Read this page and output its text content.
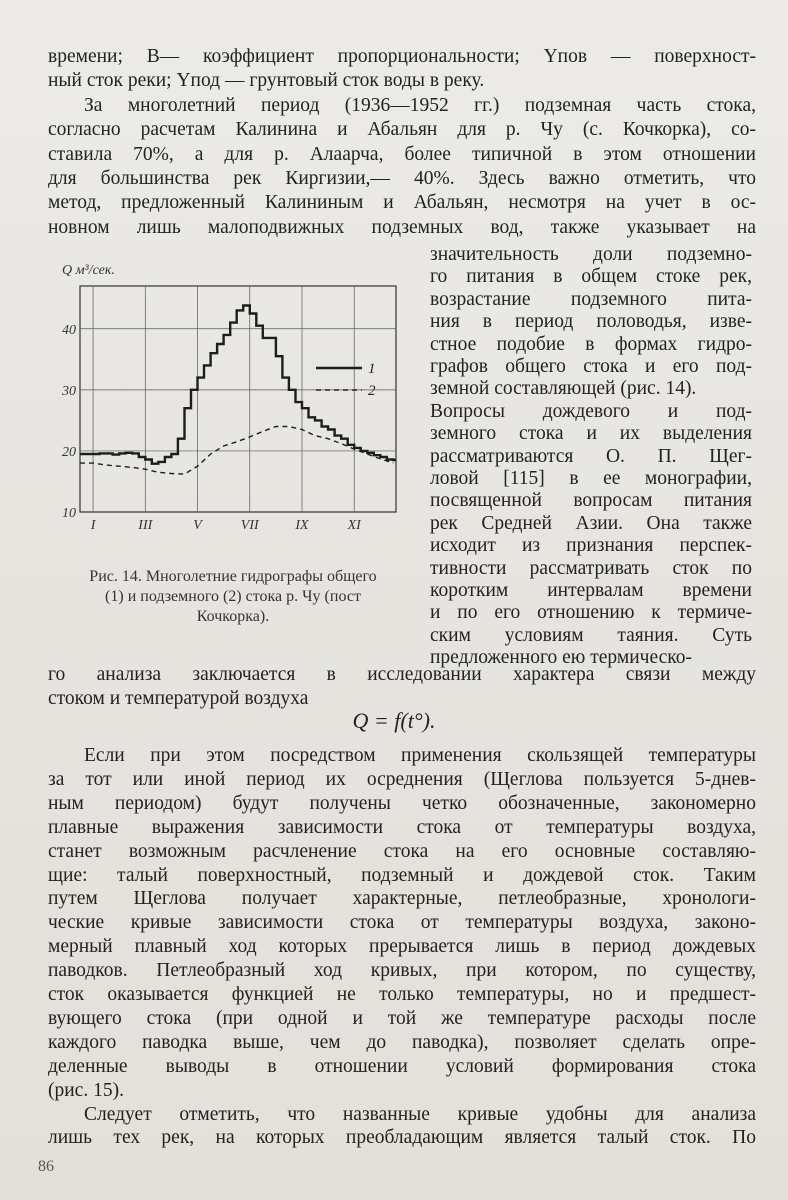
времени; B— коэффициент пропорциональности; Yпов — поверхност-
ный сток реки; Yпод — грунтовый сток воды в реку.
За многолетний период (1936—1952 гг.) подземная часть стока,
согласно расчетам Калинина и Абальян для р. Чу (с. Кочкорка), со-
ставила 70%, а для р. Алаарча, более типичной в этом отношении
для большинства рек Киргизии,— 40%. Здесь важно отметить, что
метод, предложенный Калининым и Абальян, несмотря на учет в ос-
новном лишь малоподвижных подземных вод, также указывает на
10
20
30
40
I	III	V	VII	IX	XI
Q м³/сек.
1
2
значительность доли подземно-
го питания в общем стоке рек,
возрастание подземного пита-
ния в период половодья, изве-
стное подобие в формах гидро-
графов общего стока и его под-
земной составляющей (рис. 14).
Вопросы дождевого и под-
земного стока и их выделения
рассматриваются О. П. Щег-
ловой [115] в ее монографии,
посвященной вопросам питания
рек Средней Азии. Она также
исходит из признания перспек-
тивности рассматривать сток по
коротким интервалам времени
и по его отношению к термиче-
ским условиям таяния. Суть
предложенного ею термическо-
Рис. 14. Многолетние гидрографы общего
(1) и подземного (2) стока р. Чу (пост
Кочкорка).
го анализа заключается в исследовании характера связи между
стоком и температурой воздуха
Q = f(t°).
Если при этом посредством применения скользящей температуры
за тот или иной период их осреднения (Щеглова пользуется 5-днев-
ным периодом) будут получены четко обозначенные, закономерно
плавные выражения зависимости стока от температуры воздуха,
станет возможным расчленение стока на его основные составляю-
щие: талый поверхностный, подземный и дождевой сток. Таким
путем Щеглова получает характерные, петлеобразные, хронологи-
ческие кривые зависимости стока от температуры воздуха, законо-
мерный плавный ход которых прерывается лишь в период дождевых
паводков. Петлеобразный ход кривых, при котором, по существу,
сток оказывается функцией не только температуры, но и предшест-
вующего стока (при одной и той же температуре расходы после
каждого паводка выше, чем до паводка), позволяет сделать опре-
деленные выводы в отношении условий формирования стока
(рис. 15).
Следует отметить, что названные кривые удобны для анализа
лишь тех рек, на которых преобладающим является талый сток. По
86
